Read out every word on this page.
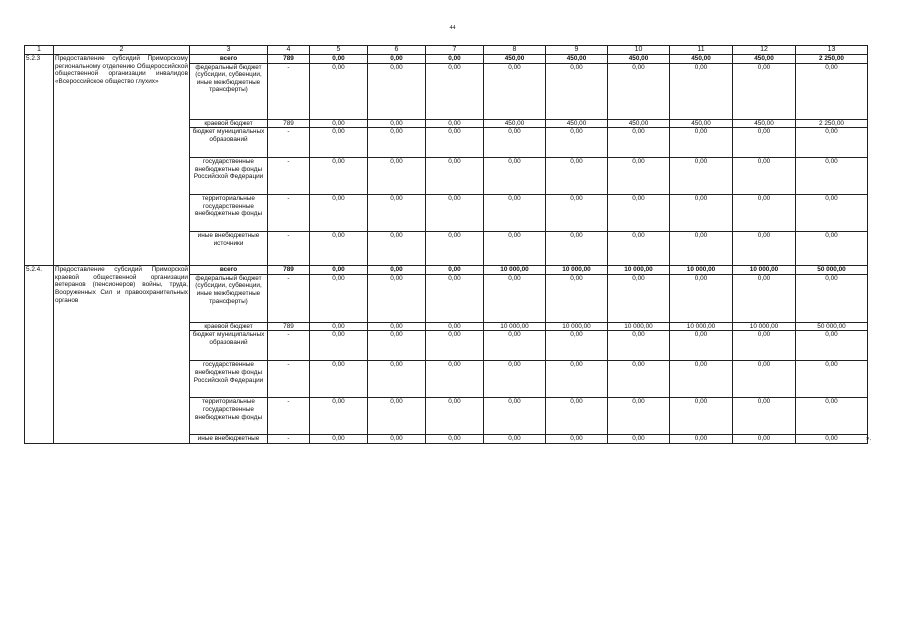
44
1	2	3	4	5	6	7	8	9	10	11	12	13
5.2.3	Предоставление субсидий Приморскому региональному отделению Общероссийской общественной организации инвалидов «Всероссийское общество глухих»	всего	789	0,00	0,00	0,00	450,00	450,00	450,00	450,00	450,00	2 250,00
		федеральный бюджет (субсидии, субвенции, иные межбюджетные трансферты)	-	0,00	0,00	0,00	0,00	0,00	0,00	0,00	0,00	0,00
		краевой бюджет	789	0,00	0,00	0,00	450,00	450,00	450,00	450,00	450,00	2 250,00
		бюджет муниципальных образований	-	0,00	0,00	0,00	0,00	0,00	0,00	0,00	0,00	0,00
		государственные внебюджетные фонды Российской Федерации	-	0,00	0,00	0,00	0,00	0,00	0,00	0,00	0,00	0,00
		территориальные государственные внебюджетные фонды	-	0,00	0,00	0,00	0,00	0,00	0,00	0,00	0,00	0,00
		иные внебюджетные источники	-	0,00	0,00	0,00	0,00	0,00	0,00	0,00	0,00	0,00
5.2.4.	Предоставление субсидий Приморской краевой общественной организации ветеранов (пенсионеров) войны, труда, Вооруженных Сил и правоохранительных органов	всего	789	0,00	0,00	0,00	10 000,00	10 000,00	10 000,00	10 000,00	10 000,00	50 000,00
		федеральный бюджет (субсидии, субвенции, иные межбюджетные трансферты)	-	0,00	0,00	0,00	0,00	0,00	0,00	0,00	0,00	0,00
		краевой бюджет	789	0,00	0,00	0,00	10 000,00	10 000,00	10 000,00	10 000,00	10 000,00	50 000,00
		бюджет муниципальных образований	-	0,00	0,00	0,00	0,00	0,00	0,00	0,00	0,00	0,00
		государственные внебюджетные фонды Российской Федерации	-	0,00	0,00	0,00	0,00	0,00	0,00	0,00	0,00	0,00
		территориальные государственные внебюджетные фонды	-	0,00	0,00	0,00	0,00	0,00	0,00	0,00	0,00	0,00
		иные внебюджетные	-	0,00	0,00	0,00	0,00	0,00	0,00	0,00	0,00	0,00	».
